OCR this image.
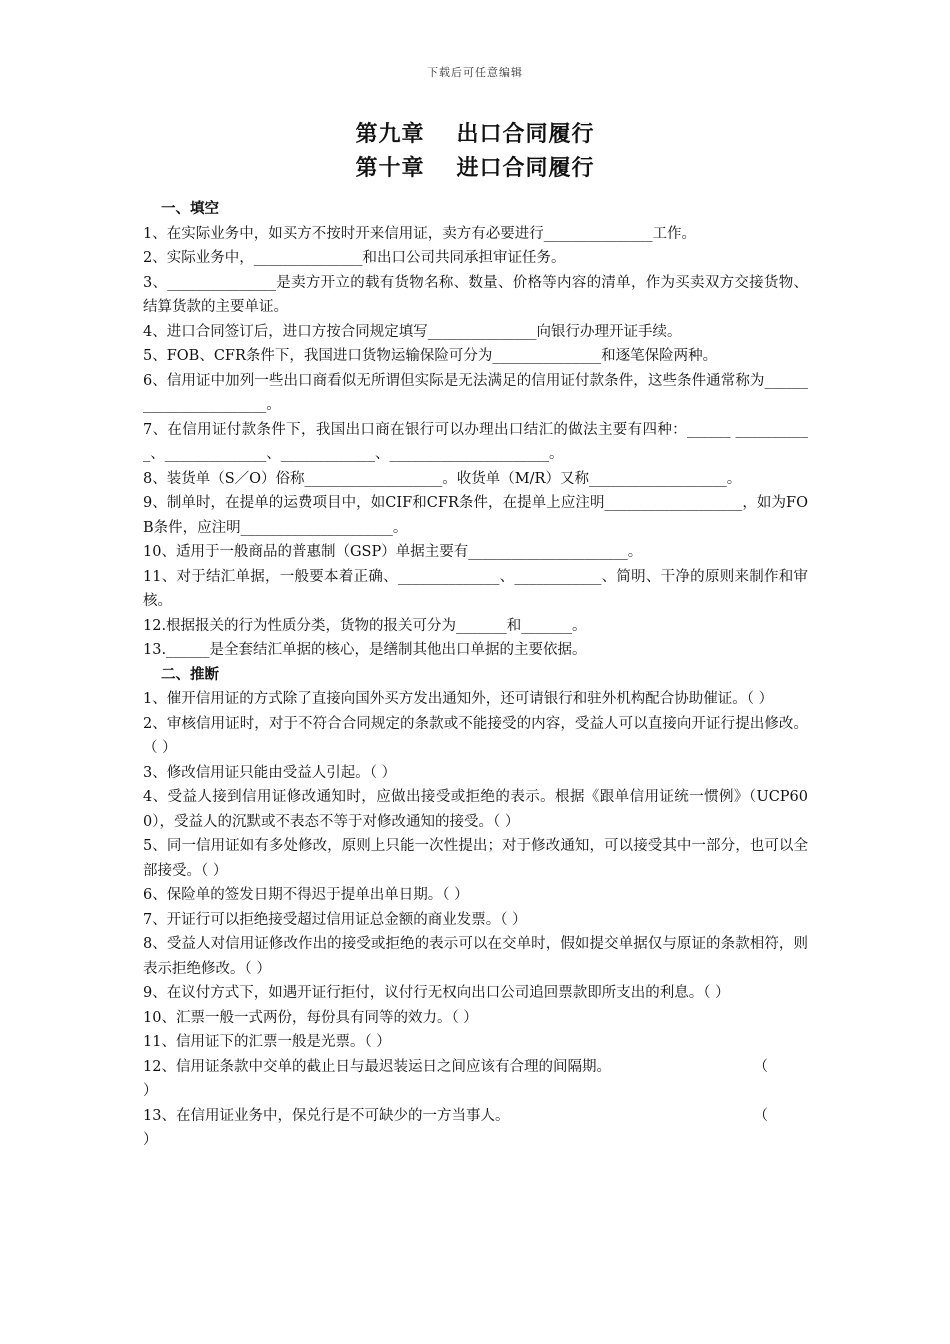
下载后可任意编辑
第九章 出口合同履行
第十章 进口合同履行
一、填空
1、在实际业务中，如买方不按时开来信用证，卖方有必要进行_______________工作。
2、实际业务中，_______________和出口公司共同承担审证任务。
3、_______________是卖方开立的载有货物名称、数量、价格等内容的清单，作为买卖双方交接货物、结算货款的主要单证。
4、进口合同签订后，进口方按合同规定填写_______________向银行办理开证手续。
5、FOB、CFR条件下，我国进口货物运输保险可分为_______________和逐笔保险两种。
6、信用证中加列一些出口商看似无所谓但实际是无法满足的信用证付款条件，这些条件通常称为_______________________。
7、在信用证付款条件下，我国出口商在银行可以办理出口结汇的做法主要有四种：______ ___________、______________、_____________、______________________。
8、装货单（S／O）俗称___________________。收货单（M/R）又称___________________。
9、制单时，在提单的运费项目中，如CIF和CFR条件，在提单上应注明___________________，如为FOB条件，应注明_____________________。
10、适用于一般商品的普惠制（GSP）单据主要有______________________。
11、对于结汇单据，一般要本着正确、______________、____________、简明、干净的原则来制作和审核。
12.根据报关的行为性质分类，货物的报关可分为_______和_______。
13.______是全套结汇单据的核心，是缮制其他出口单据的主要依据。
二、推断
1、催开信用证的方式除了直接向国外买方发出通知外，还可请银行和驻外机构配合协助催证。（ ）
2、审核信用证时，对于不符合合同规定的条款或不能接受的内容，受益人可以直接向开证行提出修改。（ ）
3、修改信用证只能由受益人引起。（ ）
4、受益人接到信用证修改通知时，应做出接受或拒绝的表示。根据《跟单信用证统一惯例》（UCP600），受益人的沉默或不表态不等于对修改通知的接受。（ ）
5、同一信用证如有多处修改，原则上只能一次性提出；对于修改通知，可以接受其中一部分，也可以全部接受。（ ）
6、保险单的签发日期不得迟于提单出单日期。（ ）
7、开证行可以拒绝接受超过信用证总金额的商业发票。（ ）
8、受益人对信用证修改作出的接受或拒绝的表示可以在交单时，假如提交单据仅与原证的条款相符，则表示拒绝修改。（ ）
9、在议付方式下，如遇开证行拒付，议付行无权向出口公司追回票款即所支出的利息。（ ）
10、汇票一般一式两份，每份具有同等的效力。（ ）
11、信用证下的汇票一般是光票。（ ）
12、信用证条款中交单的截止日与最迟装运日之间应该有合理的间隔期。	（
）
13、在信用证业务中，保兑行是不可缺少的一方当事人。	（
）
